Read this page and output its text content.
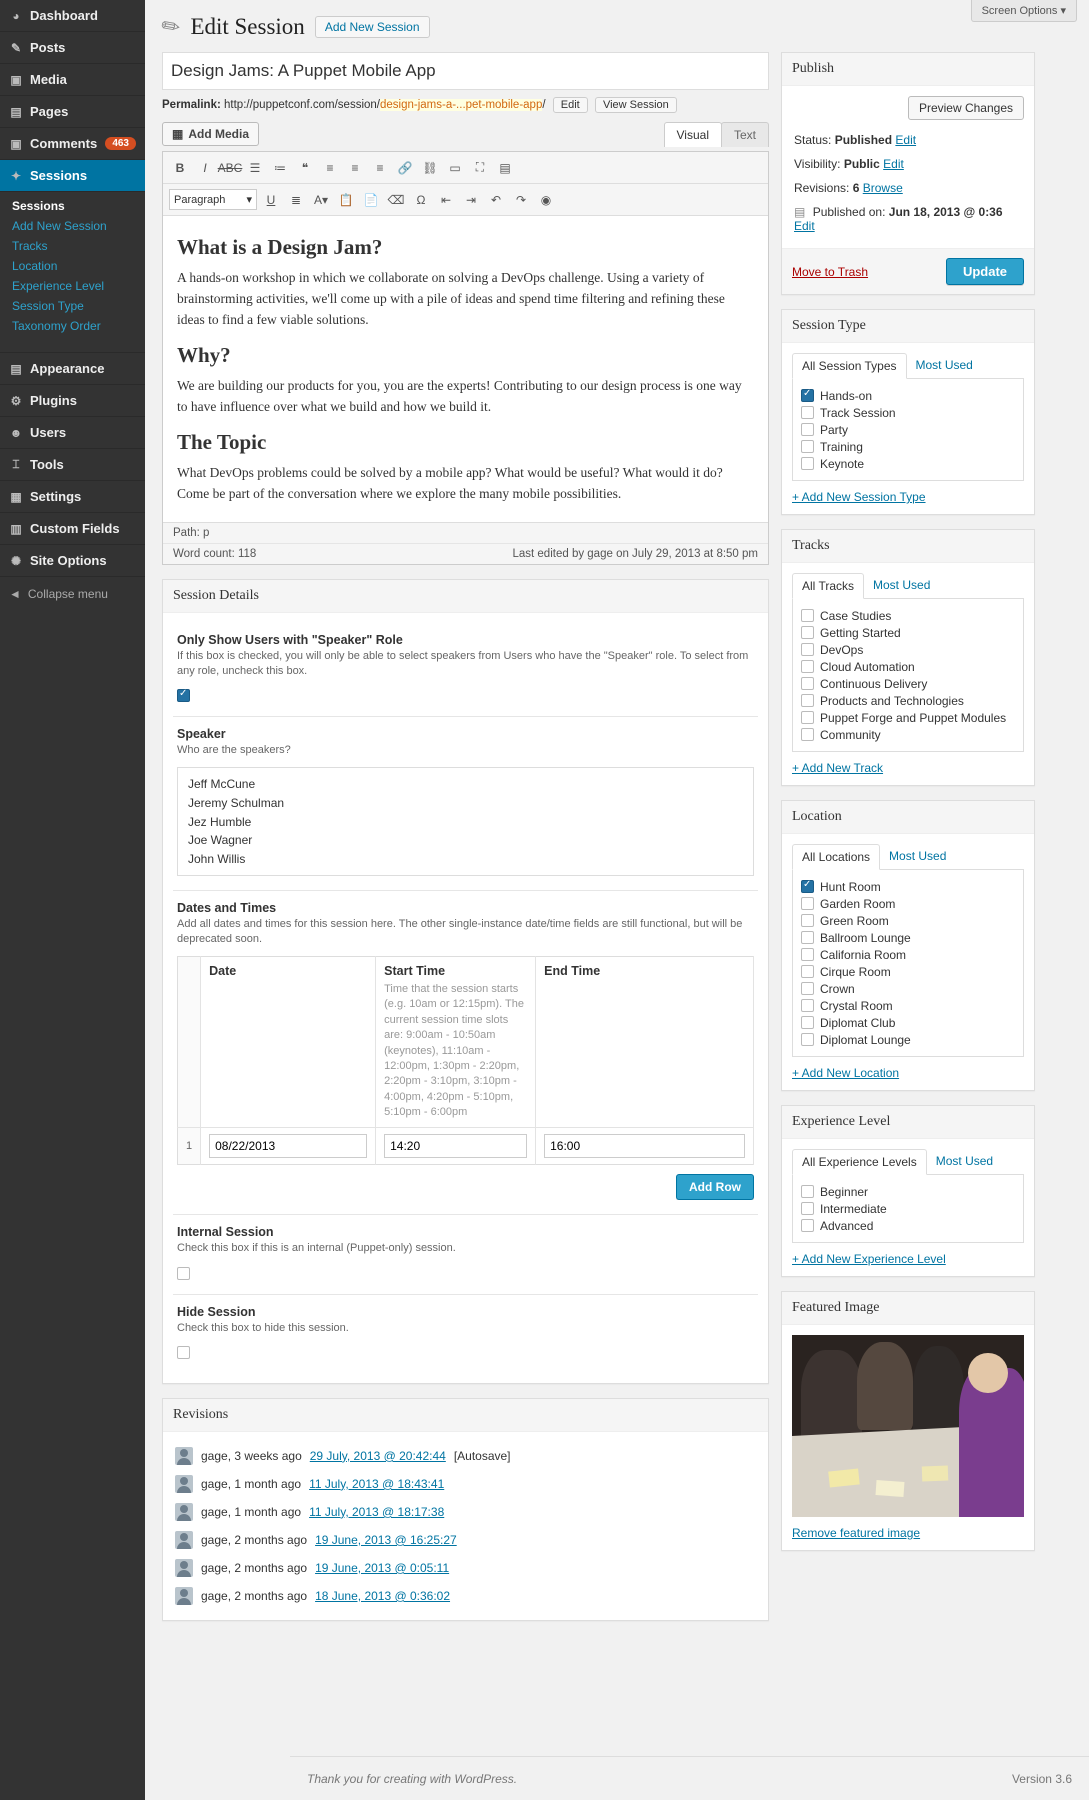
◕ Dashboard
✎ Posts
▣ Media
▤ Pages
▣ Comments	463
✦ Sessions
Sessions
Add New Session
Tracks
Location
Experience Level
Session Type
Taxonomy Order
▤ Appearance
⚙ Plugins
☻ Users
⌶ Tools
▦ Settings
▥ Custom Fields
✺ Site Options
◄ Collapse menu
Screen Options ▾
✎ Edit Session	Add New Session
Design Jams: A Puppet Mobile App
Permalink: http://puppetconf.com/session/design-jams-a-...pet-mobile-app/ Edit View Session
▦ Add Media	Visual	Text
B I ABC ☰	≔	❝	≡	≡	≡	🔗 ⛓ ▭	⛶	▤
Paragraph ▾ U	≣	A▾ 📋 📄 ⌫	Ω	⇤	⇥	↶	↷	◉
What is a Design Jam?

A hands-on workshop in which we collaborate on solving a DevOps challenge. Using a variety of brainstorming activities, we'll come up with a pile of ideas and spend time filtering and refining these ideas to find a few viable solutions.

Why?

We are building our products for you, you are the experts! Contributing to our design process is one way to have influence over what we build and how we build it.

The Topic

What DevOps problems could be solved by a mobile app? What would be useful? What would it do? Come be part of the conversation where we explore the many mobile possibilities.

Path: p
Word count: 118	Last edited by gage on July 29, 2013 at 8:50 pm
Session Details
Only Show Users with "Speaker" Role
If this box is checked, you will only be able to select speakers from Users who have the "Speaker" role. To select from any role, uncheck this box.
Speaker
Who are the speakers?
Jeff McCune
Jeremy Schulman
Jez Humble
Joe Wagner
John Willis
Dates and Times
Add all dates and times for this session here. The other single-instance date/time fields are still functional, but will be deprecated soon.
	Date	Start Time
Time that the session starts (e.g. 10am or 12:15pm). The current session time slots are: 9:00am - 10:50am (keynotes), 11:10am - 12:00pm, 1:30pm - 2:20pm, 2:20pm - 3:10pm, 3:10pm - 4:00pm, 4:20pm - 5:10pm, 5:10pm - 6:00pm	End Time
1	08/22/2013	14:20	16:00
Add Row
Internal Session
Check this box if this is an internal (Puppet-only) session.
Hide Session
Check this box to hide this session.
Revisions
gage, 3 weeks ago 29 July, 2013 @ 20:42:44 [Autosave]
gage, 1 month ago 11 July, 2013 @ 18:43:41
gage, 1 month ago 11 July, 2013 @ 18:17:38
gage, 2 months ago 19 June, 2013 @ 16:25:27
gage, 2 months ago 19 June, 2013 @ 0:05:11
gage, 2 months ago 18 June, 2013 @ 0:36:02
Publish
Preview Changes
Status: Published Edit
Visibility: Public Edit
Revisions: 6 Browse
▤ Published on: Jun 18, 2013 @ 0:36 Edit
Move to Trash	Update
Session Type
All Session Types	Most Used
Hands-on
Track Session
Party
Training
Keynote
+ Add New Session Type
Tracks
All Tracks	Most Used
Case Studies
Getting Started
DevOps
Cloud Automation
Continuous Delivery
Products and Technologies
Puppet Forge and Puppet Modules
Community
+ Add New Track
Location
All Locations	Most Used
Hunt Room
Garden Room
Green Room
Ballroom Lounge
California Room
Cirque Room
Crown
Crystal Room
Diplomat Club
Diplomat Lounge
+ Add New Location
Experience Level
All Experience Levels	Most Used
Beginner
Intermediate
Advanced
+ Add New Experience Level
Featured Image
Remove featured image
Thank you for creating with WordPress.	Version 3.6
